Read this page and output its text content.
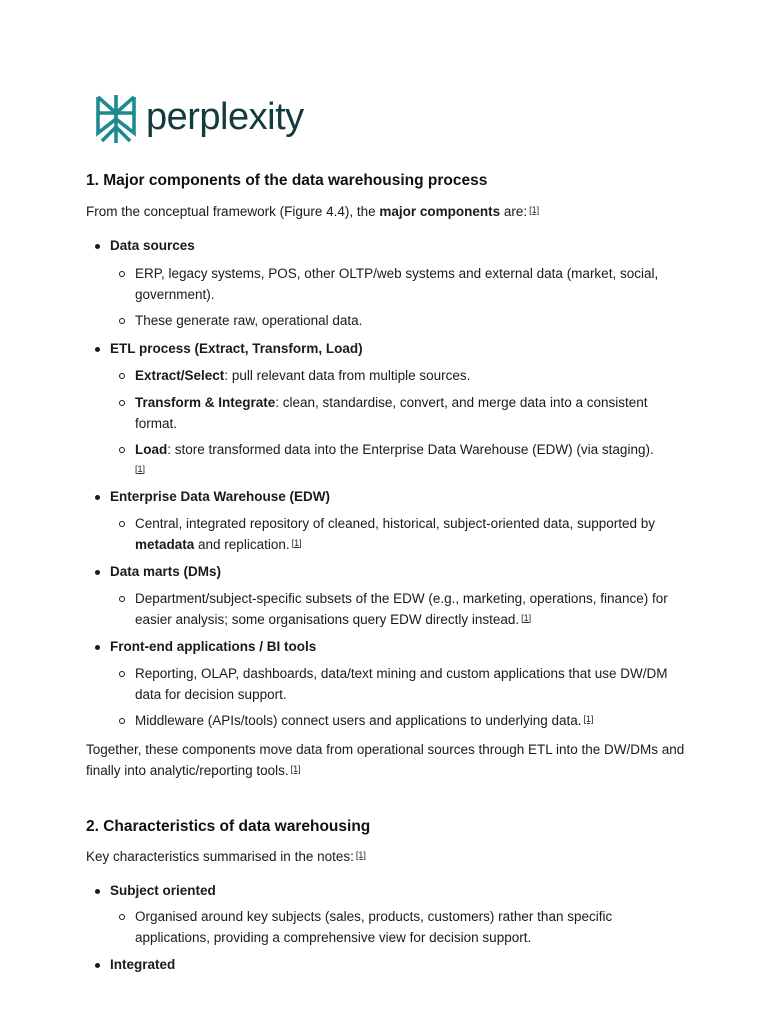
perplexity
1. Major components of the data warehousing process
From the conceptual framework (Figure 4.4), the major components are: [1]
Data sources
ERP, legacy systems, POS, other OLTP/web systems and external data (market, social, government).
These generate raw, operational data.
ETL process (Extract, Transform, Load)
Extract/Select: pull relevant data from multiple sources.
Transform & Integrate: clean, standardise, convert, and merge data into a consistent format.
Load: store transformed data into the Enterprise Data Warehouse (EDW) (via staging).
[1]
Enterprise Data Warehouse (EDW)
Central, integrated repository of cleaned, historical, subject-oriented data, supported by metadata and replication. [1]
Data marts (DMs)
Department/subject-specific subsets of the EDW (e.g., marketing, operations, finance) for easier analysis; some organisations query EDW directly instead. [1]
Front-end applications / BI tools
Reporting, OLAP, dashboards, data/text mining and custom applications that use DW/DM data for decision support.
Middleware (APIs/tools) connect users and applications to underlying data. [1]
Together, these components move data from operational sources through ETL into the DW/DMs and finally into analytic/reporting tools. [1]
2. Characteristics of data warehousing
Key characteristics summarised in the notes: [1]
Subject oriented
Organised around key subjects (sales, products, customers) rather than specific applications, providing a comprehensive view for decision support.
Integrated
